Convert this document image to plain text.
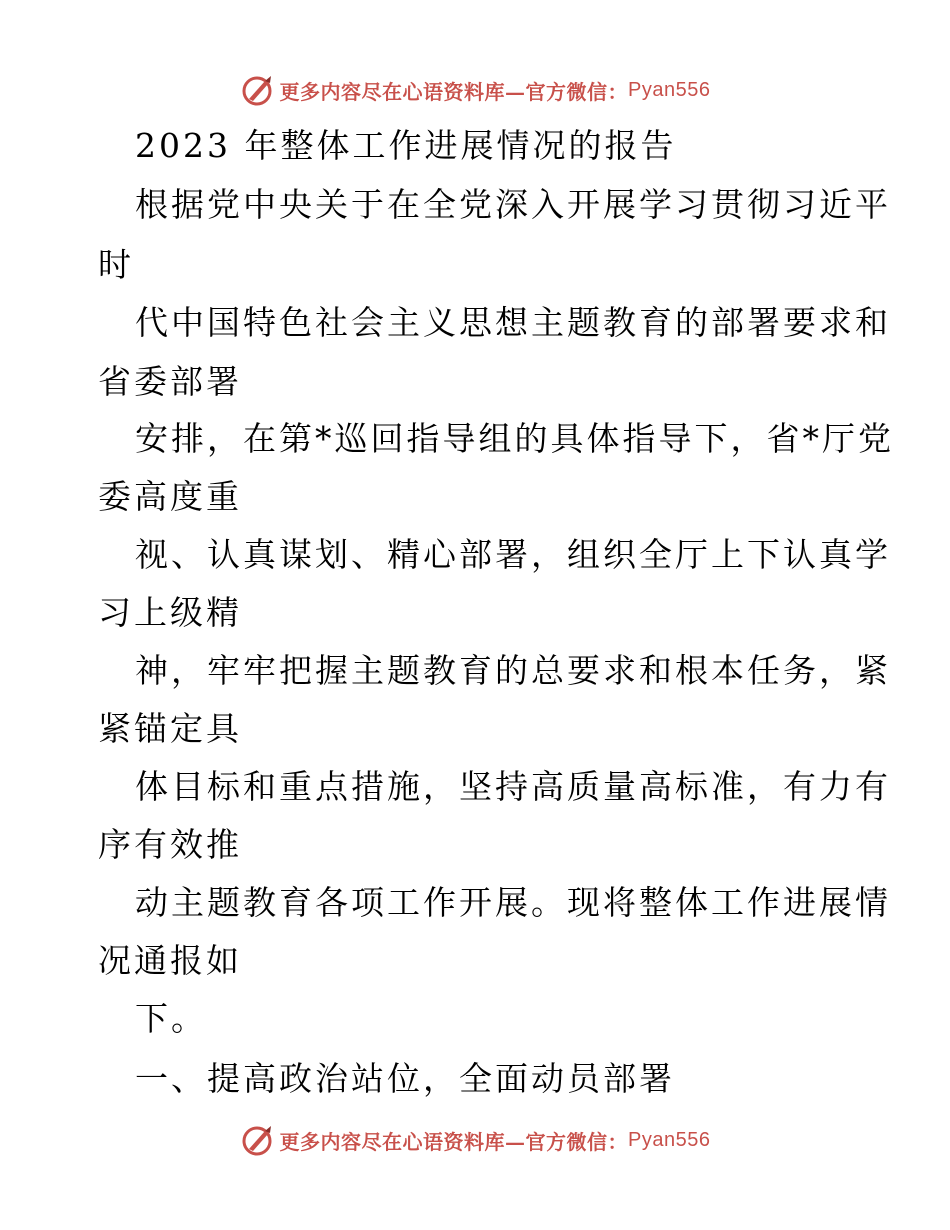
更多内容尽在心语资料库—官方微信： Pyan556
2023 年整体工作进展情况的报告
根据党中央关于在全党深入开展学习贯彻习近平
时
代中国特色社会主义思想主题教育的部署要求和
省委部署
安排，在第*巡回指导组的具体指导下，省*厅党
委高度重
视、认真谋划、精心部署，组织全厅上下认真学
习上级精
神，牢牢把握主题教育的总要求和根本任务，紧
紧锚定具
体目标和重点措施，坚持高质量高标准，有力有
序有效推
动主题教育各项工作开展。现将整体工作进展情
况通报如
下。
一、提高政治站位，全面动员部署
更多内容尽在心语资料库—官方微信： Pyan556
